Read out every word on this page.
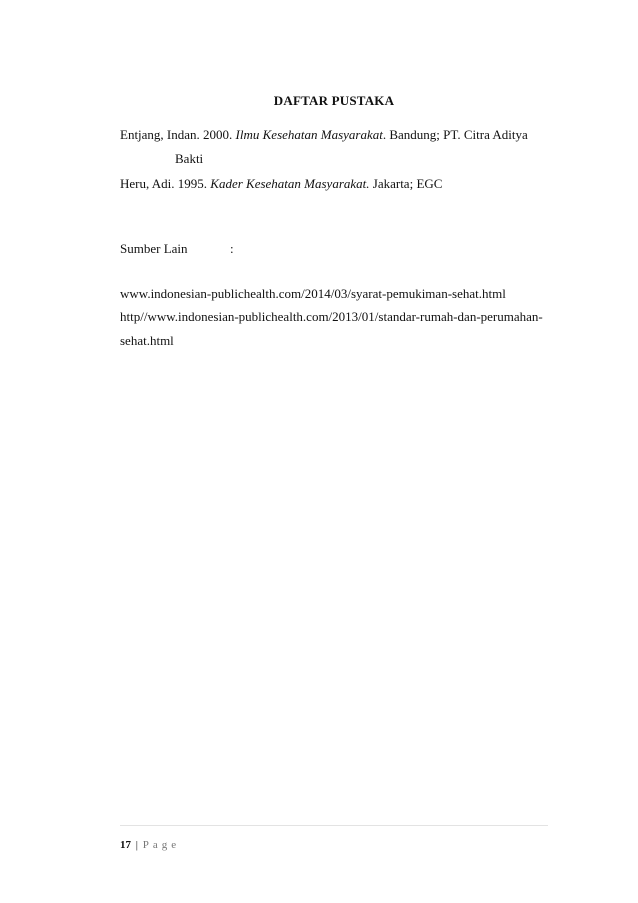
DAFTAR PUSTAKA
Entjang, Indan. 2000. Ilmu Kesehatan Masyarakat. Bandung; PT. Citra Aditya
Bakti
Heru, Adi. 1995. Kader Kesehatan Masyarakat. Jakarta; EGC
Sumber Lain	:
www.indonesian-publichealth.com/2014/03/syarat-pemukiman-sehat.html
http//www.indonesian-publichealth.com/2013/01/standar-rumah-dan-perumahan-
sehat.html
17 | Page
